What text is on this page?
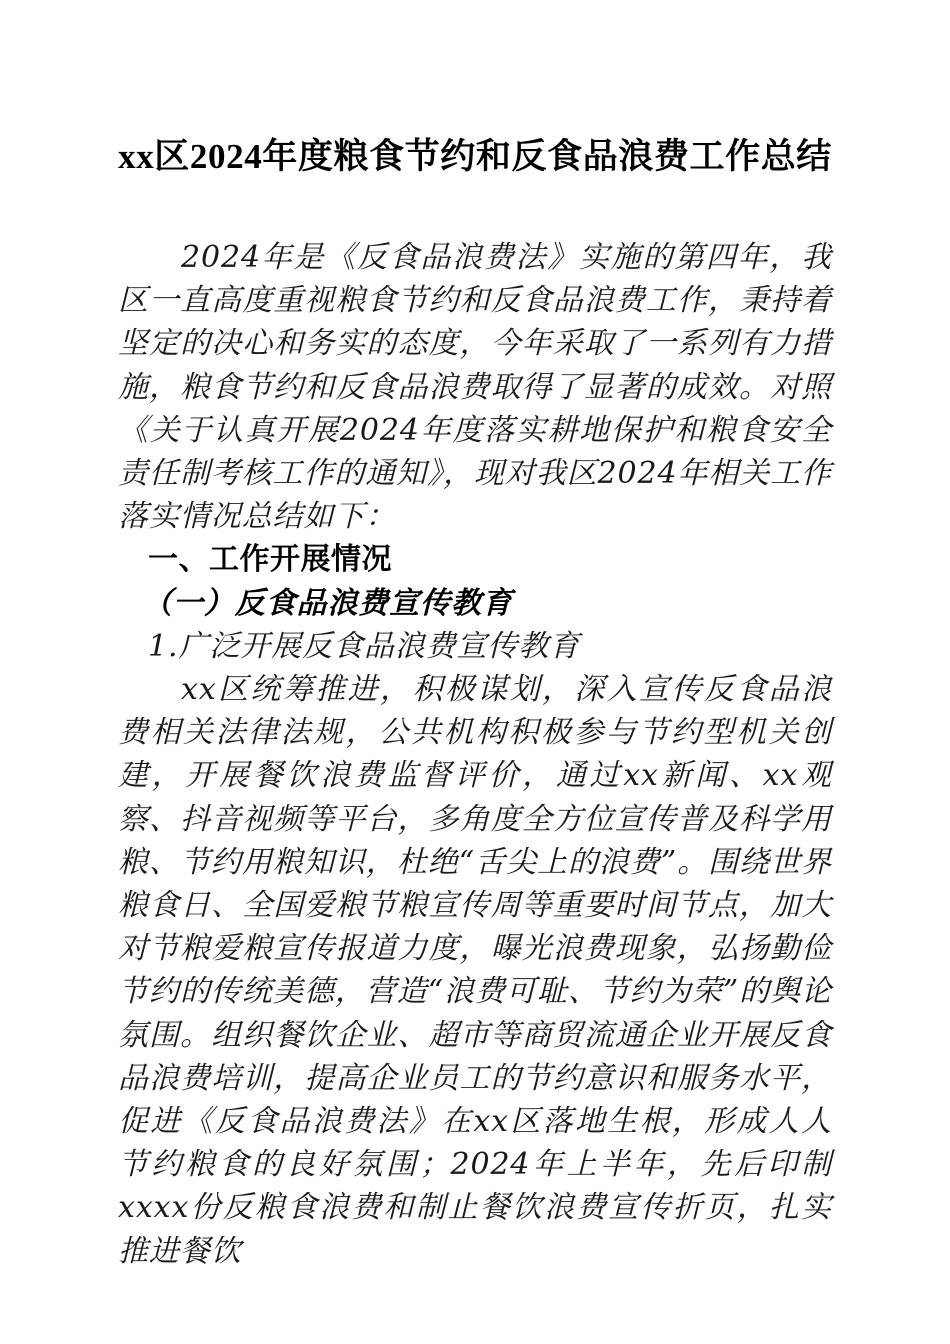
xx区2024年度粮食节约和反食品浪费工作总结

2024年是《反食品浪费法》实施的第四年，我区一直高度重视粮食节约和反食品浪费工作，秉持着坚定的决心和务实的态度，今年采取了一系列有力措施，粮食节约和反食品浪费取得了显著的成效。对照《关于认真开展2024年度落实耕地保护和粮食安全责任制考核工作的通知》，现对我区2024年相关工作落实情况总结如下：

一、工作开展情况

（一）反食品浪费宣传教育

1.广泛开展反食品浪费宣传教育

xx区统筹推进，积极谋划，深入宣传反食品浪费相关法律法规，公共机构积极参与节约型机关创建，开展餐饮浪费监督评价，通过xx新闻、xx观察、抖音视频等平台，多角度全方位宣传普及科学用粮、节约用粮知识，杜绝“舌尖上的浪费”。围绕世界粮食日、全国爱粮节粮宣传周等重要时间节点，加大对节粮爱粮宣传报道力度，曝光浪费现象，弘扬勤俭节约的传统美德，营造“浪费可耻、节约为荣”的舆论氛围。组织餐饮企业、超市等商贸流通企业开展反食品浪费培训，提高企业员工的节约意识和服务水平，促进《反食品浪费法》在xx区落地生根，形成人人节约粮食的良好氛围；2024年上半年，先后印制xxxx份反粮食浪费和制止餐饮浪费宣传折页，扎实推进餐饮
